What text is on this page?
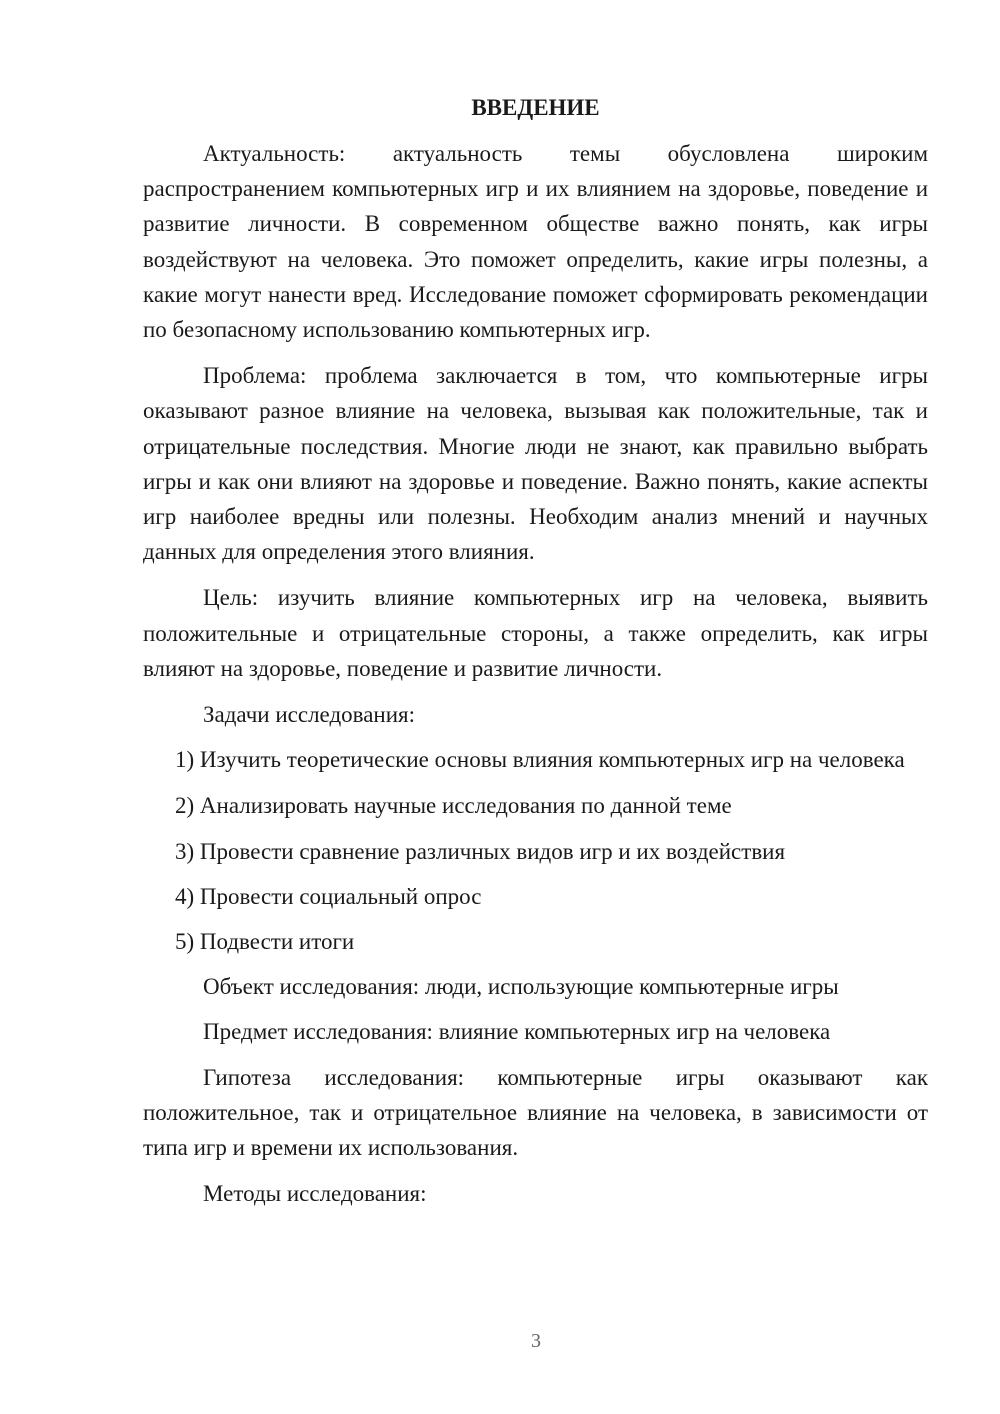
ВВЕДЕНИЕ

Актуальность: актуальность темы обусловлена широким распространением компьютерных игр и их влиянием на здоровье, поведение и развитие личности. В современном обществе важно понять, как игры воздействуют на человека. Это поможет определить, какие игры полезны, а какие могут нанести вред. Исследование поможет сформировать рекомендации по безопасному использованию компьютерных игр.

Проблема: проблема заключается в том, что компьютерные игры оказывают разное влияние на человека, вызывая как положительные, так и отрицательные последствия. Многие люди не знают, как правильно выбрать игры и как они влияют на здоровье и поведение. Важно понять, какие аспекты игр наиболее вредны или полезны. Необходим анализ мнений и научных данных для определения этого влияния.

Цель: изучить влияние компьютерных игр на человека, выявить положительные и отрицательные стороны, а также определить, как игры влияют на здоровье, поведение и развитие личности.

Задачи исследования:

1) Изучить теоретические основы влияния компьютерных игр на человека

2) Анализировать научные исследования по данной теме

3) Провести сравнение различных видов игр и их воздействия

4) Провести социальный опрос

5) Подвести итоги

Объект исследования: люди, использующие компьютерные игры

Предмет исследования: влияние компьютерных игр на человека

Гипотеза исследования: компьютерные игры оказывают как положительное, так и отрицательное влияние на человека, в зависимости от типа игр и времени их использования.

Методы исследования:

3
